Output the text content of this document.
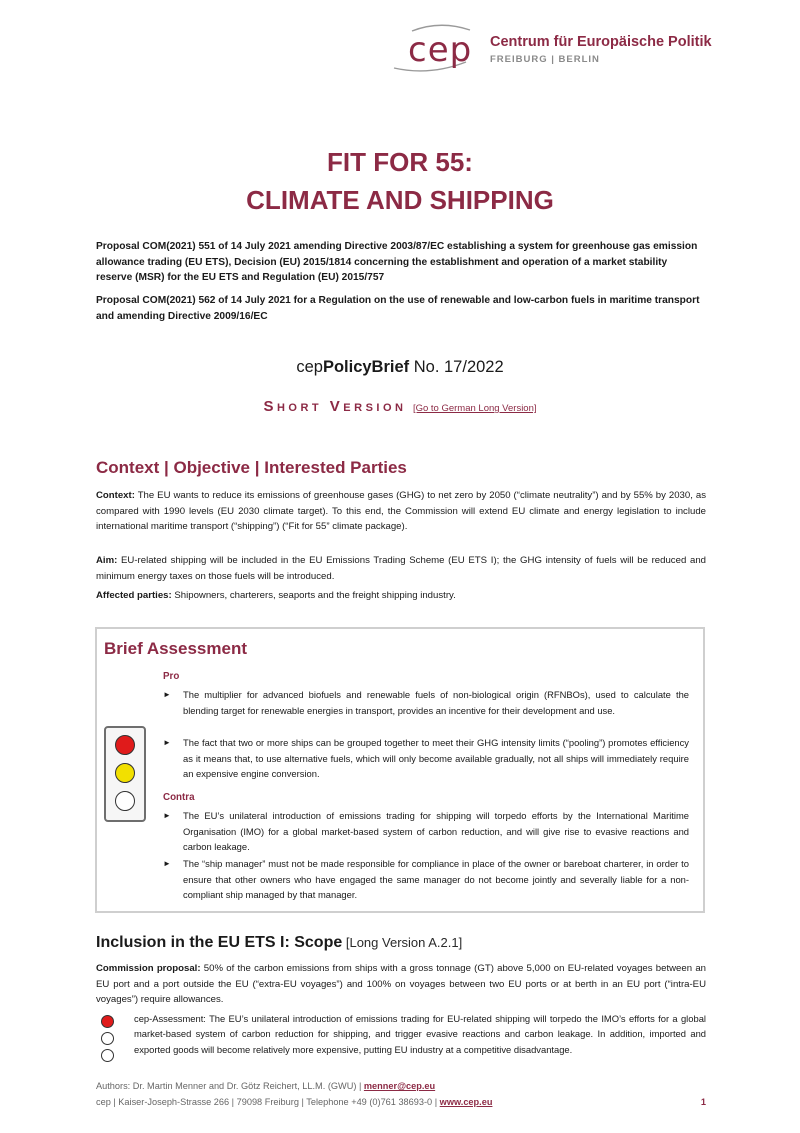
cep Centrum für Europäische Politik
FREIBURG | BERLIN
FIT FOR 55:
CLIMATE AND SHIPPING
Proposal COM(2021) 551 of 14 July 2021 amending Directive 2003/87/EC establishing a system for greenhouse gas emission allowance trading (EU ETS), Decision (EU) 2015/1814 concerning the establishment and operation of a market stability reserve (MSR) for the EU ETS and Regulation (EU) 2015/757
Proposal COM(2021) 562 of 14 July 2021 for a Regulation on the use of renewable and low-carbon fuels in maritime transport and amending Directive 2009/16/EC
cepPolicyBrief No. 17/2022
Short Version [Go to German Long Version]
Context | Objective | Interested Parties
Context: The EU wants to reduce its emissions of greenhouse gases (GHG) to net zero by 2050 (“climate neutrality”) and by 55% by 2030, as compared with 1990 levels (EU 2030 climate target). To this end, the Commission will extend EU climate and energy legislation to include international maritime transport (“shipping”) (“Fit for 55” climate package).
Aim: EU-related shipping will be included in the EU Emissions Trading Scheme (EU ETS I); the GHG intensity of fuels will be reduced and minimum energy taxes on those fuels will be introduced.
Affected parties: Shipowners, charterers, seaports and the freight shipping industry.
Brief Assessment
Pro
► The multiplier for advanced biofuels and renewable fuels of non-biological origin (RFNBOs), used to calculate the blending target for renewable energies in transport, provides an incentive for their development and use.
► The fact that two or more ships can be grouped together to meet their GHG intensity limits (“pooling”) promotes efficiency as it means that, to use alternative fuels, which will only become available gradually, not all ships will immediately require an expensive engine conversion.
Contra
► The EU’s unilateral introduction of emissions trading for shipping will torpedo efforts by the International Maritime Organisation (IMO) for a global market-based system of carbon reduction, and will give rise to evasive reactions and carbon leakage.
► The “ship manager” must not be made responsible for compliance in place of the owner or bareboat charterer, in order to ensure that other owners who have engaged the same manager do not become jointly and severally liable for a non-compliant ship managed by that manager.
Inclusion in the EU ETS I: Scope [Long Version A.2.1]
Commission proposal: 50% of the carbon emissions from ships with a gross tonnage (GT) above 5,000 on EU-related voyages between an EU port and a port outside the EU (“extra-EU voyages”) and 100% on voyages between two EU ports or at berth in an EU port (“intra-EU voyages”) require allowances.
cep-Assessment: The EU’s unilateral introduction of emissions trading for EU-related shipping will torpedo the IMO’s efforts for a global market-based system of carbon reduction for shipping, and trigger evasive reactions and carbon leakage. In addition, imported and exported goods will become relatively more expensive, putting EU industry at a competitive disadvantage.
Authors: Dr. Martin Menner and Dr. Götz Reichert, LL.M. (GWU) | menner@cep.eu
cep | Kaiser-Joseph-Strasse 266 | 79098 Freiburg | Telephone +49 (0)761 38693-0 | www.cep.eu	1
